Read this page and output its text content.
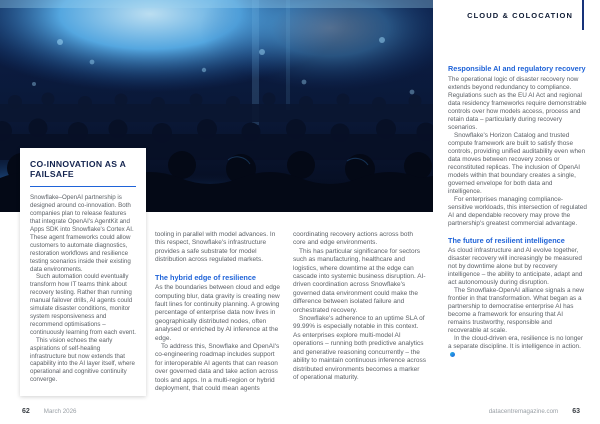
CLOUD & COLOCATION
CO-INNOVATION AS A FAILSAFE

Snowflake–OpenAI partnership is designed around co-innovation. Both companies plan to release features that integrate OpenAI's AgentKit and Apps SDK into Snowflake's Cortex AI. These agent frameworks could allow customers to automate diagnostics, restoration workflows and resilience testing scenarios inside their existing data environments.

Such automation could eventually transform how IT teams think about recovery testing. Rather than running manual failover drills, AI agents could simulate disaster conditions, monitor system responsiveness and recommend optimisations – continuously learning from each event.

This vision echoes the early aspirations of self-healing infrastructure but now extends that capability into the AI layer itself, where operational and cognitive continuity converge.

tooling in parallel with model advances. In this respect, Snowflake's infrastructure provides a safe substrate for model distribution across regulated markets.

The hybrid edge of resilience

As the boundaries between cloud and edge computing blur, data gravity is creating new fault lines for continuity planning. A growing percentage of enterprise data now lives in geographically distributed nodes, often analysed or enriched by AI inference at the edge.

To address this, Snowflake and OpenAI's co-engineering roadmap includes support for interoperable AI agents that can reason over governed data and take action across tools and apps. In a multi-region or hybrid deployment, that could mean agents

coordinating recovery actions across both core and edge environments.

This has particular significance for sectors such as manufacturing, healthcare and logistics, where downtime at the edge can cascade into systemic business disruption. AI-driven coordination across Snowflake's governed data environment could make the difference between isolated failure and orchestrated recovery.

Snowflake's adherence to an uptime SLA of 99.99% is especially notable in this context. As enterprises explore multi-model AI operations – running both predictive analytics and generative reasoning concurrently – the ability to maintain continuous inference across distributed environments becomes a marker of operational maturity.

Responsible AI and regulatory recovery

The operational logic of disaster recovery now extends beyond redundancy to compliance. Regulations such as the EU AI Act and regional data residency frameworks require demonstrable controls over how models access, process and retain data – particularly during recovery scenarios.

Snowflake's Horizon Catalog and trusted compute framework are built to satisfy those controls, providing unified auditability even when data moves between recovery zones or reconstituted replicas. The inclusion of OpenAI models within that boundary creates a single, governed envelope for both data and intelligence.

For enterprises managing compliance-sensitive workloads, this intersection of regulated AI and dependable recovery may prove the partnership's greatest commercial advantage.

The future of resilient intelligence

As cloud infrastructure and AI evolve together, disaster recovery will increasingly be measured not by downtime alone but by recovery intelligence – the ability to anticipate, adapt and act autonomously during disruption.

The Snowflake-OpenAI alliance signals a new frontier in that transformation. What began as a partnership to democratise enterprise AI has become a framework for ensuring that AI remains trustworthy, responsible and recoverable at scale.

In the cloud-driven era, resilience is no longer a separate discipline. It is intelligence in action.

62 March 2026	datacentremagazine.com 63
